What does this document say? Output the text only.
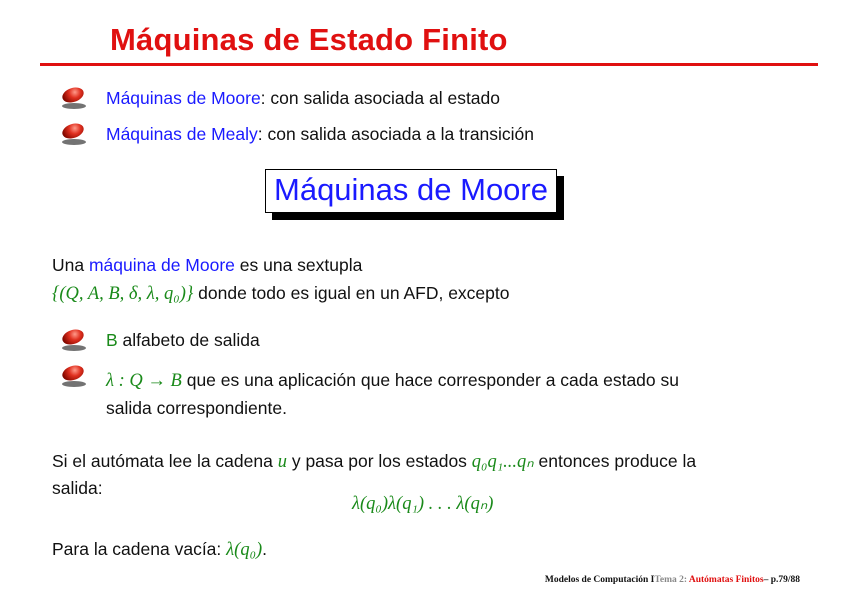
Máquinas de Estado Finito
Máquinas de Moore: con salida asociada al estado
Máquinas de Mealy: con salida asociada a la transición
Máquinas de Moore
Una máquina de Moore es una sextupla
{(Q, A, B, δ, λ, q₀)} donde todo es igual en un AFD, excepto
B alfabeto de salida
λ : Q → B que es una aplicación que hace corresponder a cada estado su
salida correspondiente.
Si el autómata lee la cadena u y pasa por los estados q₀q₁...qₙ entonces produce la
salida:
λ(q₀)λ(q₁) . . . λ(qₙ)
Para la cadena vacía: λ(q₀).
Modelos de Computación ITema 2: Autómatas Finitos– p.79/88
